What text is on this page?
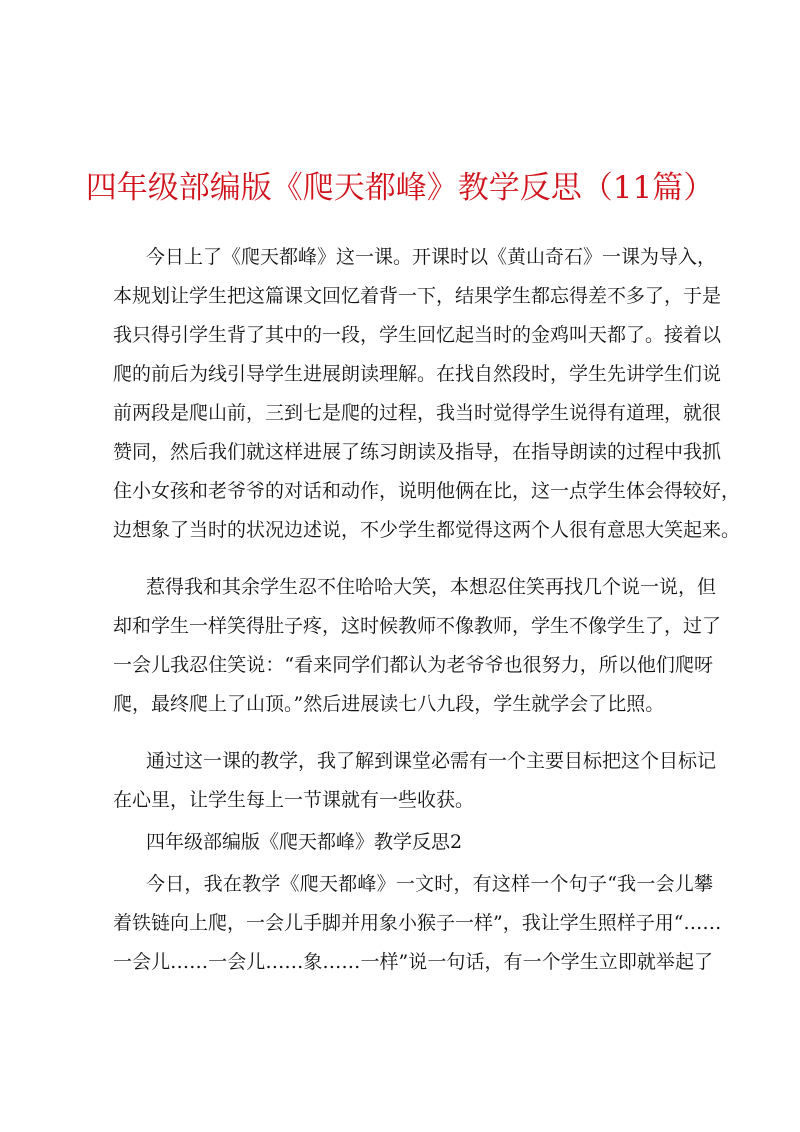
四年级部编版《爬天都峰》教学反思（11篇）

今日上了《爬天都峰》这一课。开课时以《黄山奇石》一课为导入，

本规划让学生把这篇课文回忆着背一下，结果学生都忘得差不多了，于是

我只得引学生背了其中的一段，学生回忆起当时的金鸡叫天都了。接着以

爬的前后为线引导学生进展朗读理解。在找自然段时，学生先讲学生们说

前两段是爬山前，三到七是爬的过程，我当时觉得学生说得有道理，就很

赞同，然后我们就这样进展了练习朗读及指导，在指导朗读的过程中我抓

住小女孩和老爷爷的对话和动作，说明他俩在比，这一点学生体会得较好，

边想象了当时的状况边述说，不少学生都觉得这两个人很有意思大笑起来。

惹得我和其余学生忍不住哈哈大笑，本想忍住笑再找几个说一说，但

却和学生一样笑得肚子疼，这时候教师不像教师，学生不像学生了，过了

一会儿我忍住笑说：“看来同学们都认为老爷爷也很努力，所以他们爬呀

爬，最终爬上了山顶。”然后进展读七八九段，学生就学会了比照。

通过这一课的教学，我了解到课堂必需有一个主要目标把这个目标记

在心里，让学生每上一节课就有一些收获。

四年级部编版《爬天都峰》教学反思2

今日，我在教学《爬天都峰》一文时，有这样一个句子“我一会儿攀

着铁链向上爬，一会儿手脚并用象小猴子一样”，我让学生照样子用“……

一会儿……一会儿……象……一样”说一句话，有一个学生立即就举起了
